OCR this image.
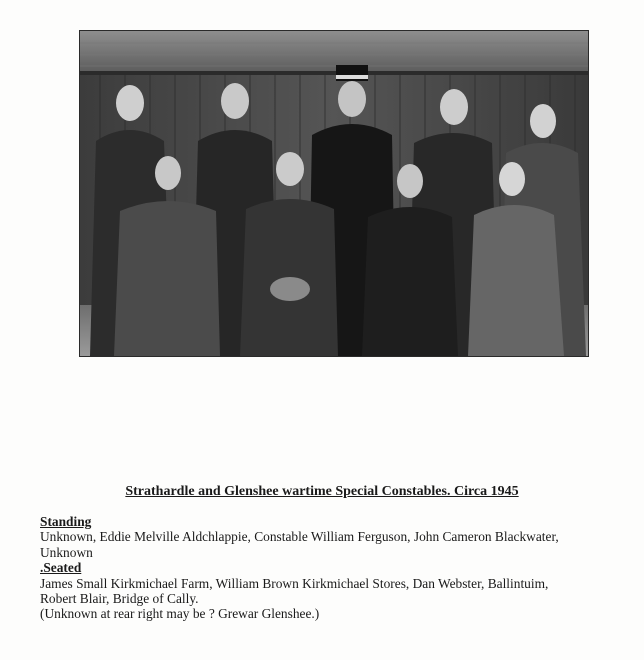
Strathardle and Glenshee wartime Special Constables. Circa 1945
Standing
Unknown, Eddie Melville Aldchlappie, Constable William Ferguson, John Cameron Blackwater,
Unknown
.Seated
James Small Kirkmichael Farm, William Brown Kirkmichael Stores, Dan Webster, Ballintuim,
Robert Blair, Bridge of Cally.
(Unknown at rear right may be ? Grewar Glenshee.)
